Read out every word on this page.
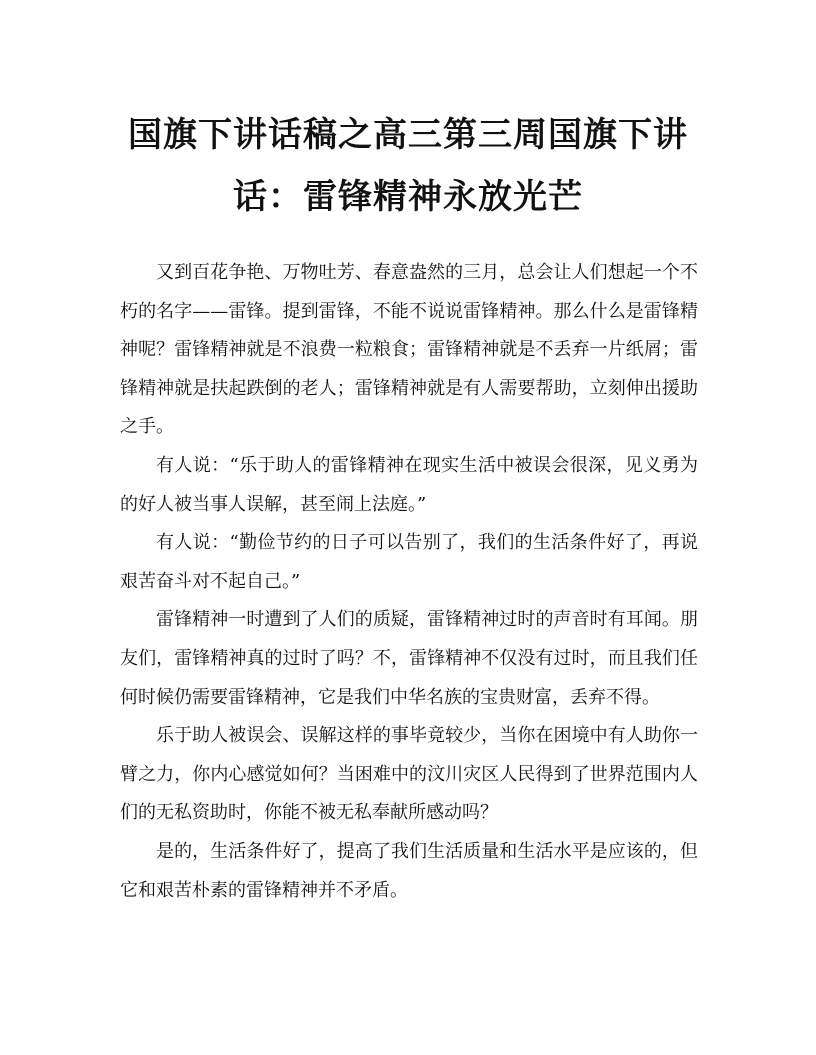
国旗下讲话稿之高三第三周国旗下讲
话：雷锋精神永放光芒

又到百花争艳、万物吐芳、春意盎然的三月，总会让人们想起一个不朽的名字——雷锋。提到雷锋，不能不说说雷锋精神。那么什么是雷锋精神呢？雷锋精神就是不浪费一粒粮食；雷锋精神就是不丢弃一片纸屑；雷锋精神就是扶起跌倒的老人；雷锋精神就是有人需要帮助，立刻伸出援助之手。

有人说：“乐于助人的雷锋精神在现实生活中被误会很深，见义勇为的好人被当事人误解，甚至闹上法庭。”

有人说：“勤俭节约的日子可以告别了，我们的生活条件好了，再说艰苦奋斗对不起自己。”

雷锋精神一时遭到了人们的质疑，雷锋精神过时的声音时有耳闻。朋友们，雷锋精神真的过时了吗？不，雷锋精神不仅没有过时，而且我们任何时候仍需要雷锋精神，它是我们中华名族的宝贵财富，丢弃不得。

乐于助人被误会、误解这样的事毕竟较少，当你在困境中有人助你一臂之力，你内心感觉如何？当困难中的汶川灾区人民得到了世界范围内人们的无私资助时，你能不被无私奉献所感动吗？

是的，生活条件好了，提高了我们生活质量和生活水平是应该的，但它和艰苦朴素的雷锋精神并不矛盾。
